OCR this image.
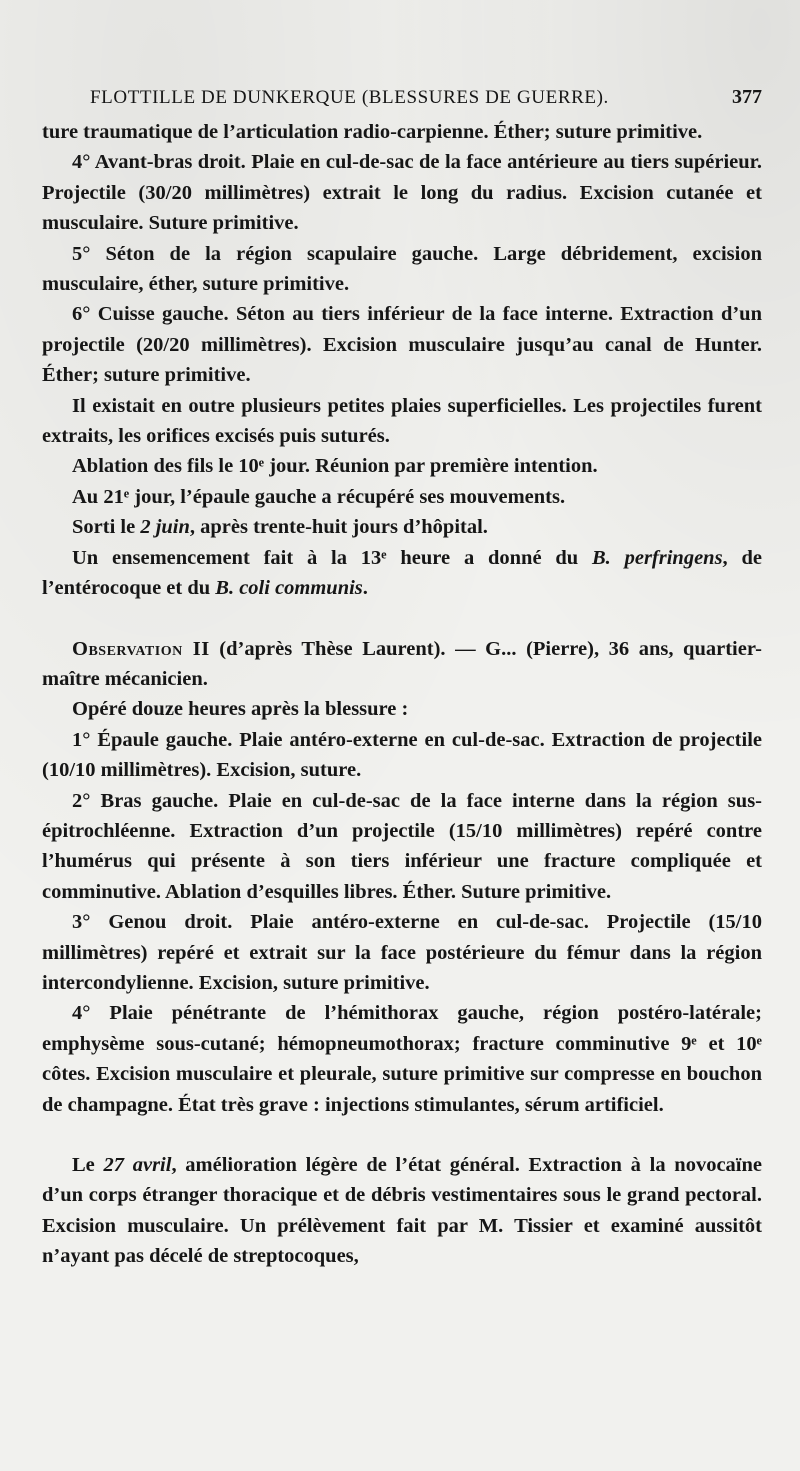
FLOTTILLE DE DUNKERQUE (BLESSURES DE GUERRE).	377

ture traumatique de l’articulation radio-carpienne. Éther; suture primitive.

4° Avant-bras droit. Plaie en cul-de-sac de la face antérieure au tiers supérieur. Projectile (30/20 millimètres) extrait le long du radius. Excision cutanée et musculaire. Suture primitive.

5° Séton de la région scapulaire gauche. Large débridement, excision musculaire, éther, suture primitive.

6° Cuisse gauche. Séton au tiers inférieur de la face interne. Extraction d’un projectile (20/20 millimètres). Excision musculaire jusqu’au canal de Hunter. Éther; suture primitive.

Il existait en outre plusieurs petites plaies superficielles. Les projectiles furent extraits, les orifices excisés puis suturés.

Ablation des fils le 10ᵉ jour. Réunion par première intention.

Au 21ᵉ jour, l’épaule gauche a récupéré ses mouvements.

Sorti le 2 juin, après trente-huit jours d’hôpital.

Un ensemencement fait à la 13ᵉ heure a donné du B. perfringens, de l’entérocoque et du B. coli communis.

Observation II (d’après Thèse Laurent). — G... (Pierre), 36 ans, quartier-maître mécanicien.

Opéré douze heures après la blessure :

1° Épaule gauche. Plaie antéro-externe en cul-de-sac. Extraction de projectile (10/10 millimètres). Excision, suture.

2° Bras gauche. Plaie en cul-de-sac de la face interne dans la région sus-épitrochléenne. Extraction d’un projectile (15/10 millimètres) repéré contre l’humérus qui présente à son tiers inférieur une fracture compliquée et comminutive. Ablation d’esquilles libres. Éther. Suture primitive.

3° Genou droit. Plaie antéro-externe en cul-de-sac. Projectile (15/10 millimètres) repéré et extrait sur la face postérieure du fémur dans la région intercondylienne. Excision, suture primitive.

4° Plaie pénétrante de l’hémithorax gauche, région postéro-latérale; emphysème sous-cutané; hémopneumothorax; fracture comminutive 9ᵉ et 10ᵉ côtes. Excision musculaire et pleurale, suture primitive sur compresse en bouchon de champagne. État très grave : injections stimulantes, sérum artificiel.

Le 27 avril, amélioration légère de l’état général. Extraction à la novocaïne d’un corps étranger thoracique et de débris vestimentaires sous le grand pectoral. Excision musculaire. Un prélèvement fait par M. Tissier et examiné aussitôt n’ayant pas décelé de streptocoques,
